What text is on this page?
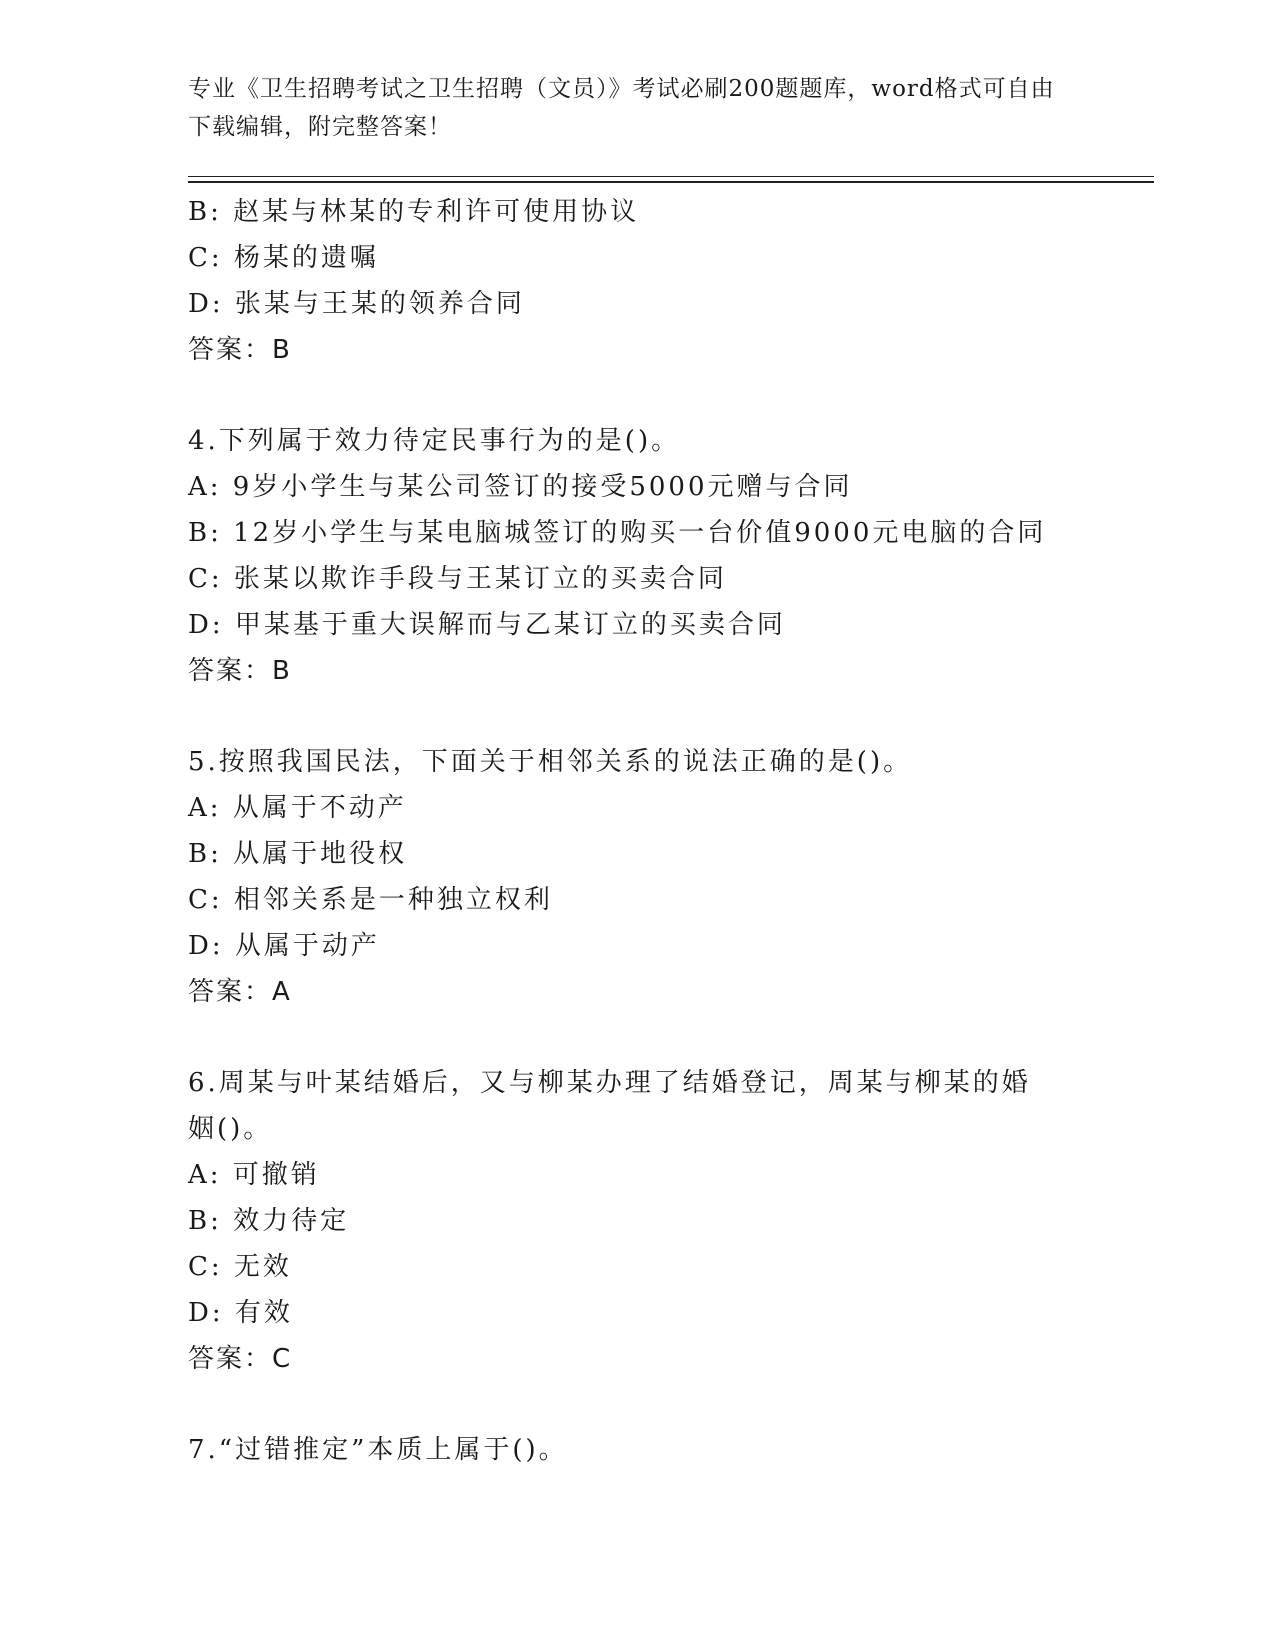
专业《卫生招聘考试之卫生招聘（文员）》考试必刷200题题库，word格式可自由下载编辑，附完整答案！
B: 赵某与林某的专利许可使用协议
C: 杨某的遗嘱
D: 张某与王某的领养合同
答案：B
4.下列属于效力待定民事行为的是()。
A: 9岁小学生与某公司签订的接受5000元赠与合同
B: 12岁小学生与某电脑城签订的购买一台价值9000元电脑的合同
C: 张某以欺诈手段与王某订立的买卖合同
D: 甲某基于重大误解而与乙某订立的买卖合同
答案：B
5.按照我国民法，下面关于相邻关系的说法正确的是()。
A: 从属于不动产
B: 从属于地役权
C: 相邻关系是一种独立权利
D: 从属于动产
答案：A
6.周某与叶某结婚后，又与柳某办理了结婚登记，周某与柳某的婚姻()。
A: 可撤销
B: 效力待定
C: 无效
D: 有效
答案：C
7.“过错推定”本质上属于()。
